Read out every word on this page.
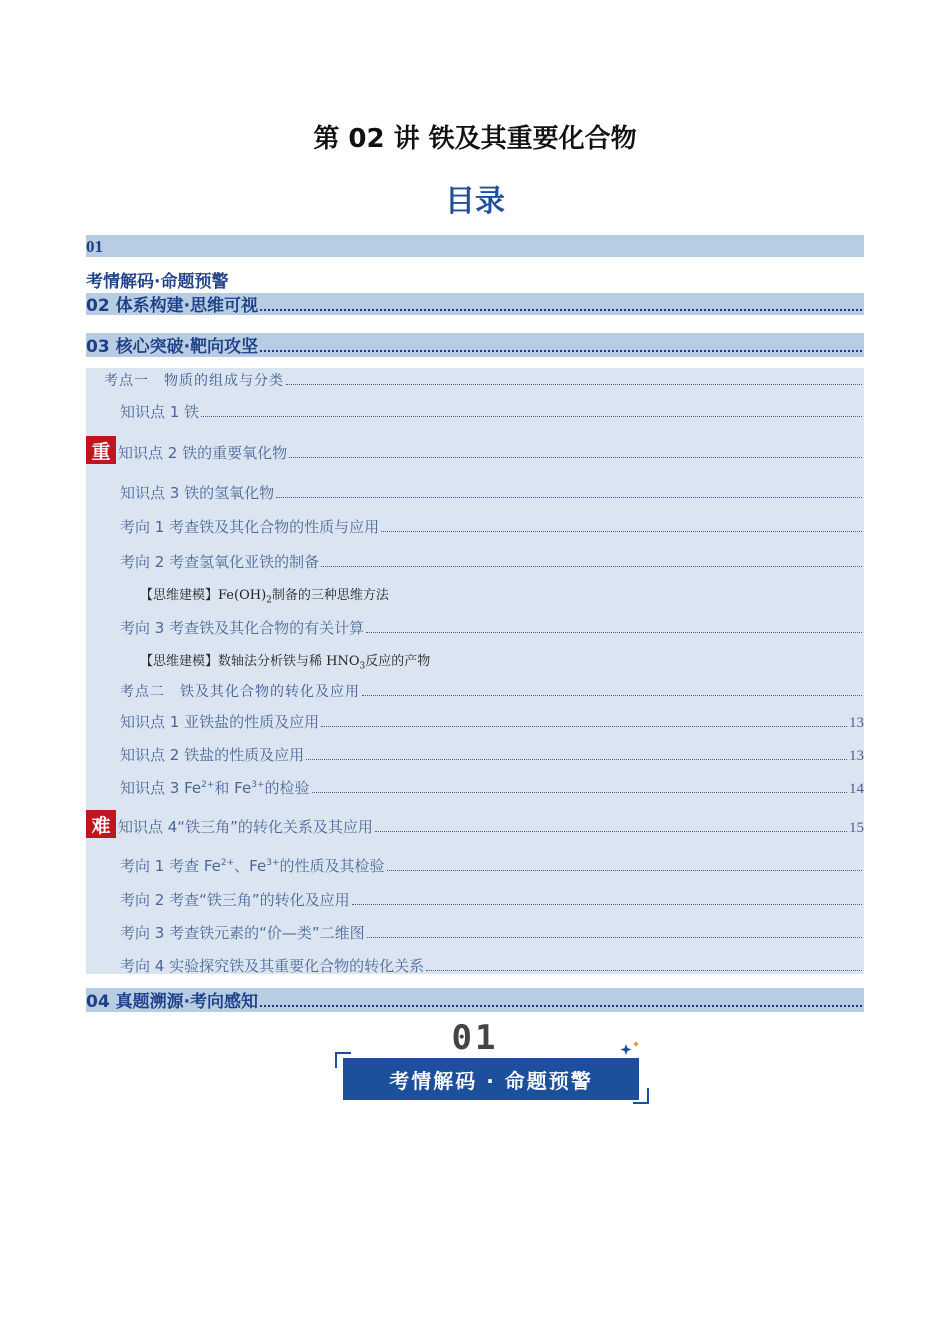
第 02 讲 铁及其重要化合物
目录
01
考情解码·命题预警
02 体系构建·思维可视
03 核心突破·靶向攻坚
考点一　物质的组成与分类
知识点 1 铁
重 知识点 2 铁的重要氧化物
知识点 3 铁的氢氧化物
考向 1 考查铁及其化合物的性质与应用
考向 2 考查氢氧化亚铁的制备
【思维建模】$Fe(OH)_2$制备的三种思维方法
考向 3 考查铁及其化合物的有关计算
【思维建模】数轴法分析铁与稀 $HNO_3$反应的产物
考点二　铁及其化合物的转化及应用
知识点 1 亚铁盐的性质及应用	13
知识点 2 铁盐的性质及应用	13
知识点 3 $Fe^{2+}$和 $Fe^{3+}$的检验	14
难 知识点 4“铁三角”的转化关系及其应用	15
考向 1 考查 $Fe^{2+}$、$Fe^{3+}$的性质及其检验
考向 2 考查“铁三角”的转化及应用
考向 3 考查铁元素的“价—类”二维图
考向 4 实验探究铁及其重要化合物的转化关系
04 真题溯源·考向感知
01
考情解码 · 命题预警
